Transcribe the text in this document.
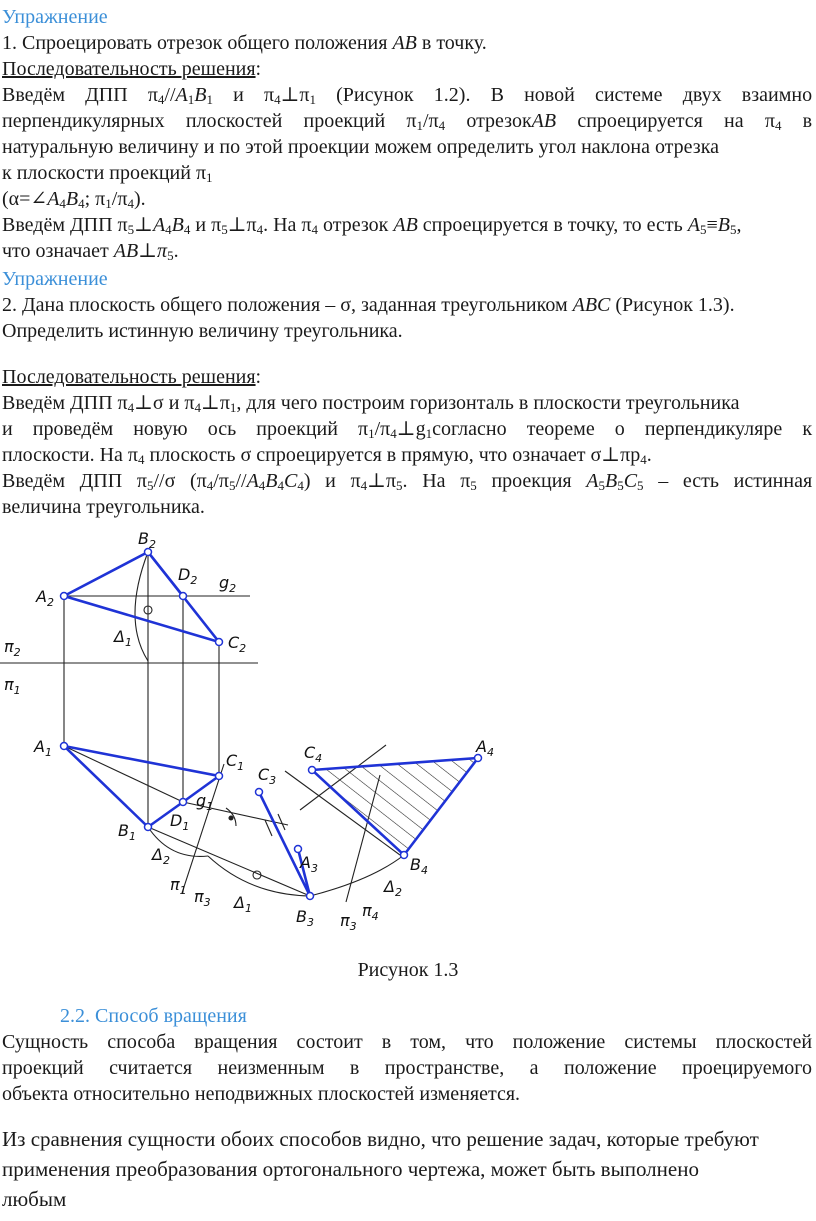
Упражнение
1. Спроецировать отрезок общего положения AB в точку.
Последовательность решения:
Введём ДПП $\pi_4//A_1B_1$ и $\pi_4\perp\pi_1$ (Рисунок 1.2). В новой системе двух взаимно
перпендикулярных плоскостей проекций $\pi_1/\pi_4$ отрезокAB спроецируется на $\pi_4$ в
натуральную величину и по этой проекции можем определить угол наклона отрезка
к плоскости проекций $\pi_1$
($\alpha=\angle A_4B_4$; $\pi_1/\pi_4$).
Введём ДПП $\pi_5\perp A_4B_4$ и $\pi_5\perp\pi_4$. На $\pi_4$ отрезок AB спроецируется в точку, то есть $A_5\equiv B_5$,
что означает $AB\perp\pi_5$.
Упражнение
2. Дана плоскость общего положения – σ, заданная треугольником ABC (Рисунок 1.3).
Определить истинную величину треугольника.
Последовательность решения:
Введём ДПП $\pi_4\perp\sigma$ и $\pi_4\perp\pi_1$, для чего построим горизонталь в плоскости треугольника
и проведём новую ось проекций $\pi_1/\pi_4\perp g_1согласно$ теореме о перпендикуляре к
плоскости. На $\pi_4$ плоскость σ спроецируется в прямую, что означает $\sigma\perp\pi p_4$.
Введём ДПП $\pi_5//\sigma$ $(\pi_4/\pi_5//A_4B_4C_4)$ и $\pi_4\perp\pi_5$. На $\pi_5$ проекция $A_5B_5C_5$ – есть истинная
величина треугольника.
$B_2$
$D_2$ $g_2$
$A_2$
$C_2$
$\Delta_1$
$\pi_2$
$\pi_1$
$A_1$	$C_1$ $C_3$
$C_4$
$A_4$
$g_1$
$D_1$
$B_1$
$A_3$	$B_4$
$\Delta_2$
$\pi_1$ $\pi_3$ $\Delta_1$
$\Delta_2$
$B_3$ $\pi_3$
$\pi_4$
Рисунок 1.3
2.2. Способ вращения
Сущность способа вращения состоит в том, что положение системы плоскостей
проекций считается неизменным в пространстве, а положение проецируемого
объекта относительно неподвижных плоскостей изменяется.
Из сравнения сущности обоих способов видно, что решение задач, которые требуют
применения преобразования ортогонального чертежа, может быть выполнено
любым
